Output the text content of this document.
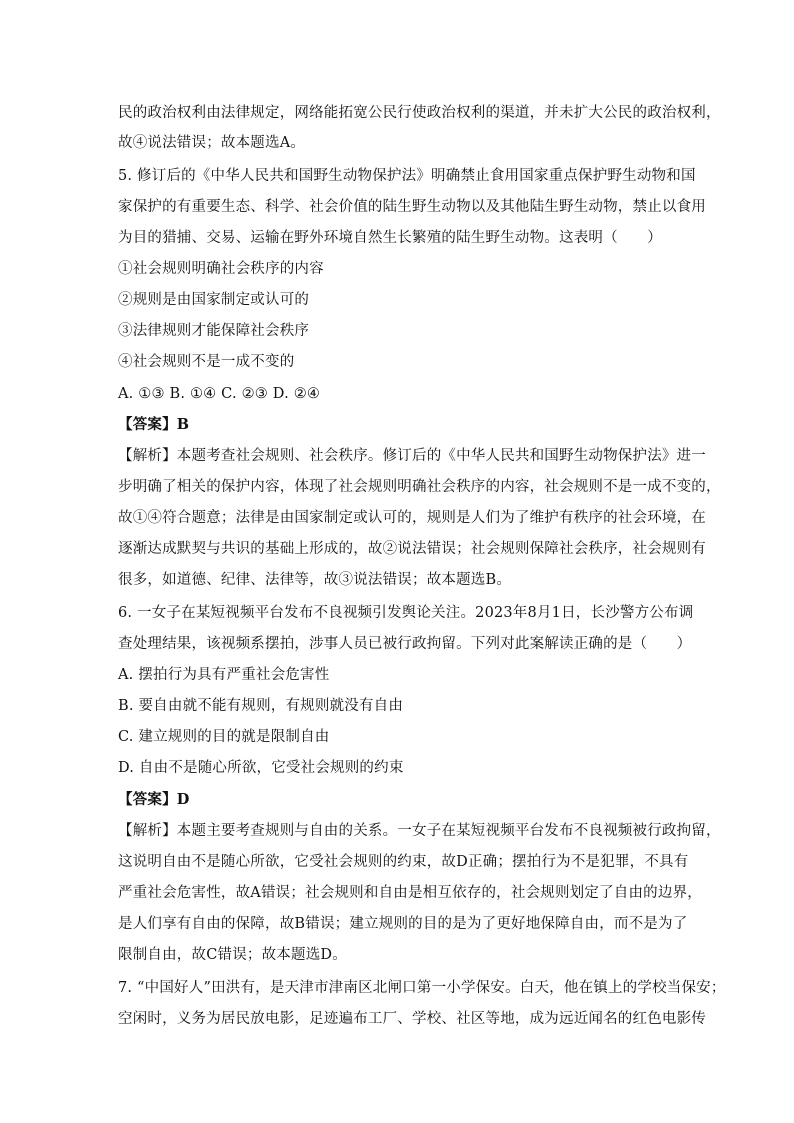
民的政治权利由法律规定，网络能拓宽公民行使政治权利的渠道，并未扩大公民的政治权利，
故④说法错误；故本题选A。
5. 修订后的《中华人民共和国野生动物保护法》明确禁止食用国家重点保护野生动物和国
家保护的有重要生态、科学、社会价值的陆生野生动物以及其他陆生野生动物，禁止以食用
为目的猎捕、交易、运输在野外环境自然生长繁殖的陆生野生动物。这表明（　　）
①社会规则明确社会秩序的内容
②规则是由国家制定或认可的
③法律规则才能保障社会秩序
④社会规则不是一成不变的
A. ①③ B. ①④ C. ②③ D. ②④
【答案】B
【解析】本题考查社会规则、社会秩序。修订后的《中华人民共和国野生动物保护法》进一
步明确了相关的保护内容，体现了社会规则明确社会秩序的内容，社会规则不是一成不变的，
故①④符合题意；法律是由国家制定或认可的，规则是人们为了维护有秩序的社会环境，在
逐渐达成默契与共识的基础上形成的，故②说法错误；社会规则保障社会秩序，社会规则有
很多，如道德、纪律、法律等，故③说法错误；故本题选B。
6. 一女子在某短视频平台发布不良视频引发舆论关注。2023年8月1日，长沙警方公布调
查处理结果，该视频系摆拍，涉事人员已被行政拘留。下列对此案解读正确的是（　　）
A. 摆拍行为具有严重社会危害性
B. 要自由就不能有规则，有规则就没有自由
C. 建立规则的目的就是限制自由
D. 自由不是随心所欲，它受社会规则的约束
【答案】D
【解析】本题主要考查规则与自由的关系。一女子在某短视频平台发布不良视频被行政拘留，
这说明自由不是随心所欲，它受社会规则的约束，故D正确；摆拍行为不是犯罪，不具有
严重社会危害性，故A错误；社会规则和自由是相互依存的，社会规则划定了自由的边界，
是人们享有自由的保障，故B错误；建立规则的目的是为了更好地保障自由，而不是为了
限制自由，故C错误；故本题选D。
7. “中国好人”田洪有，是天津市津南区北闸口第一小学保安。白天，他在镇上的学校当保安；
空闲时，义务为居民放电影，足迹遍布工厂、学校、社区等地，成为远近闻名的红色电影传
